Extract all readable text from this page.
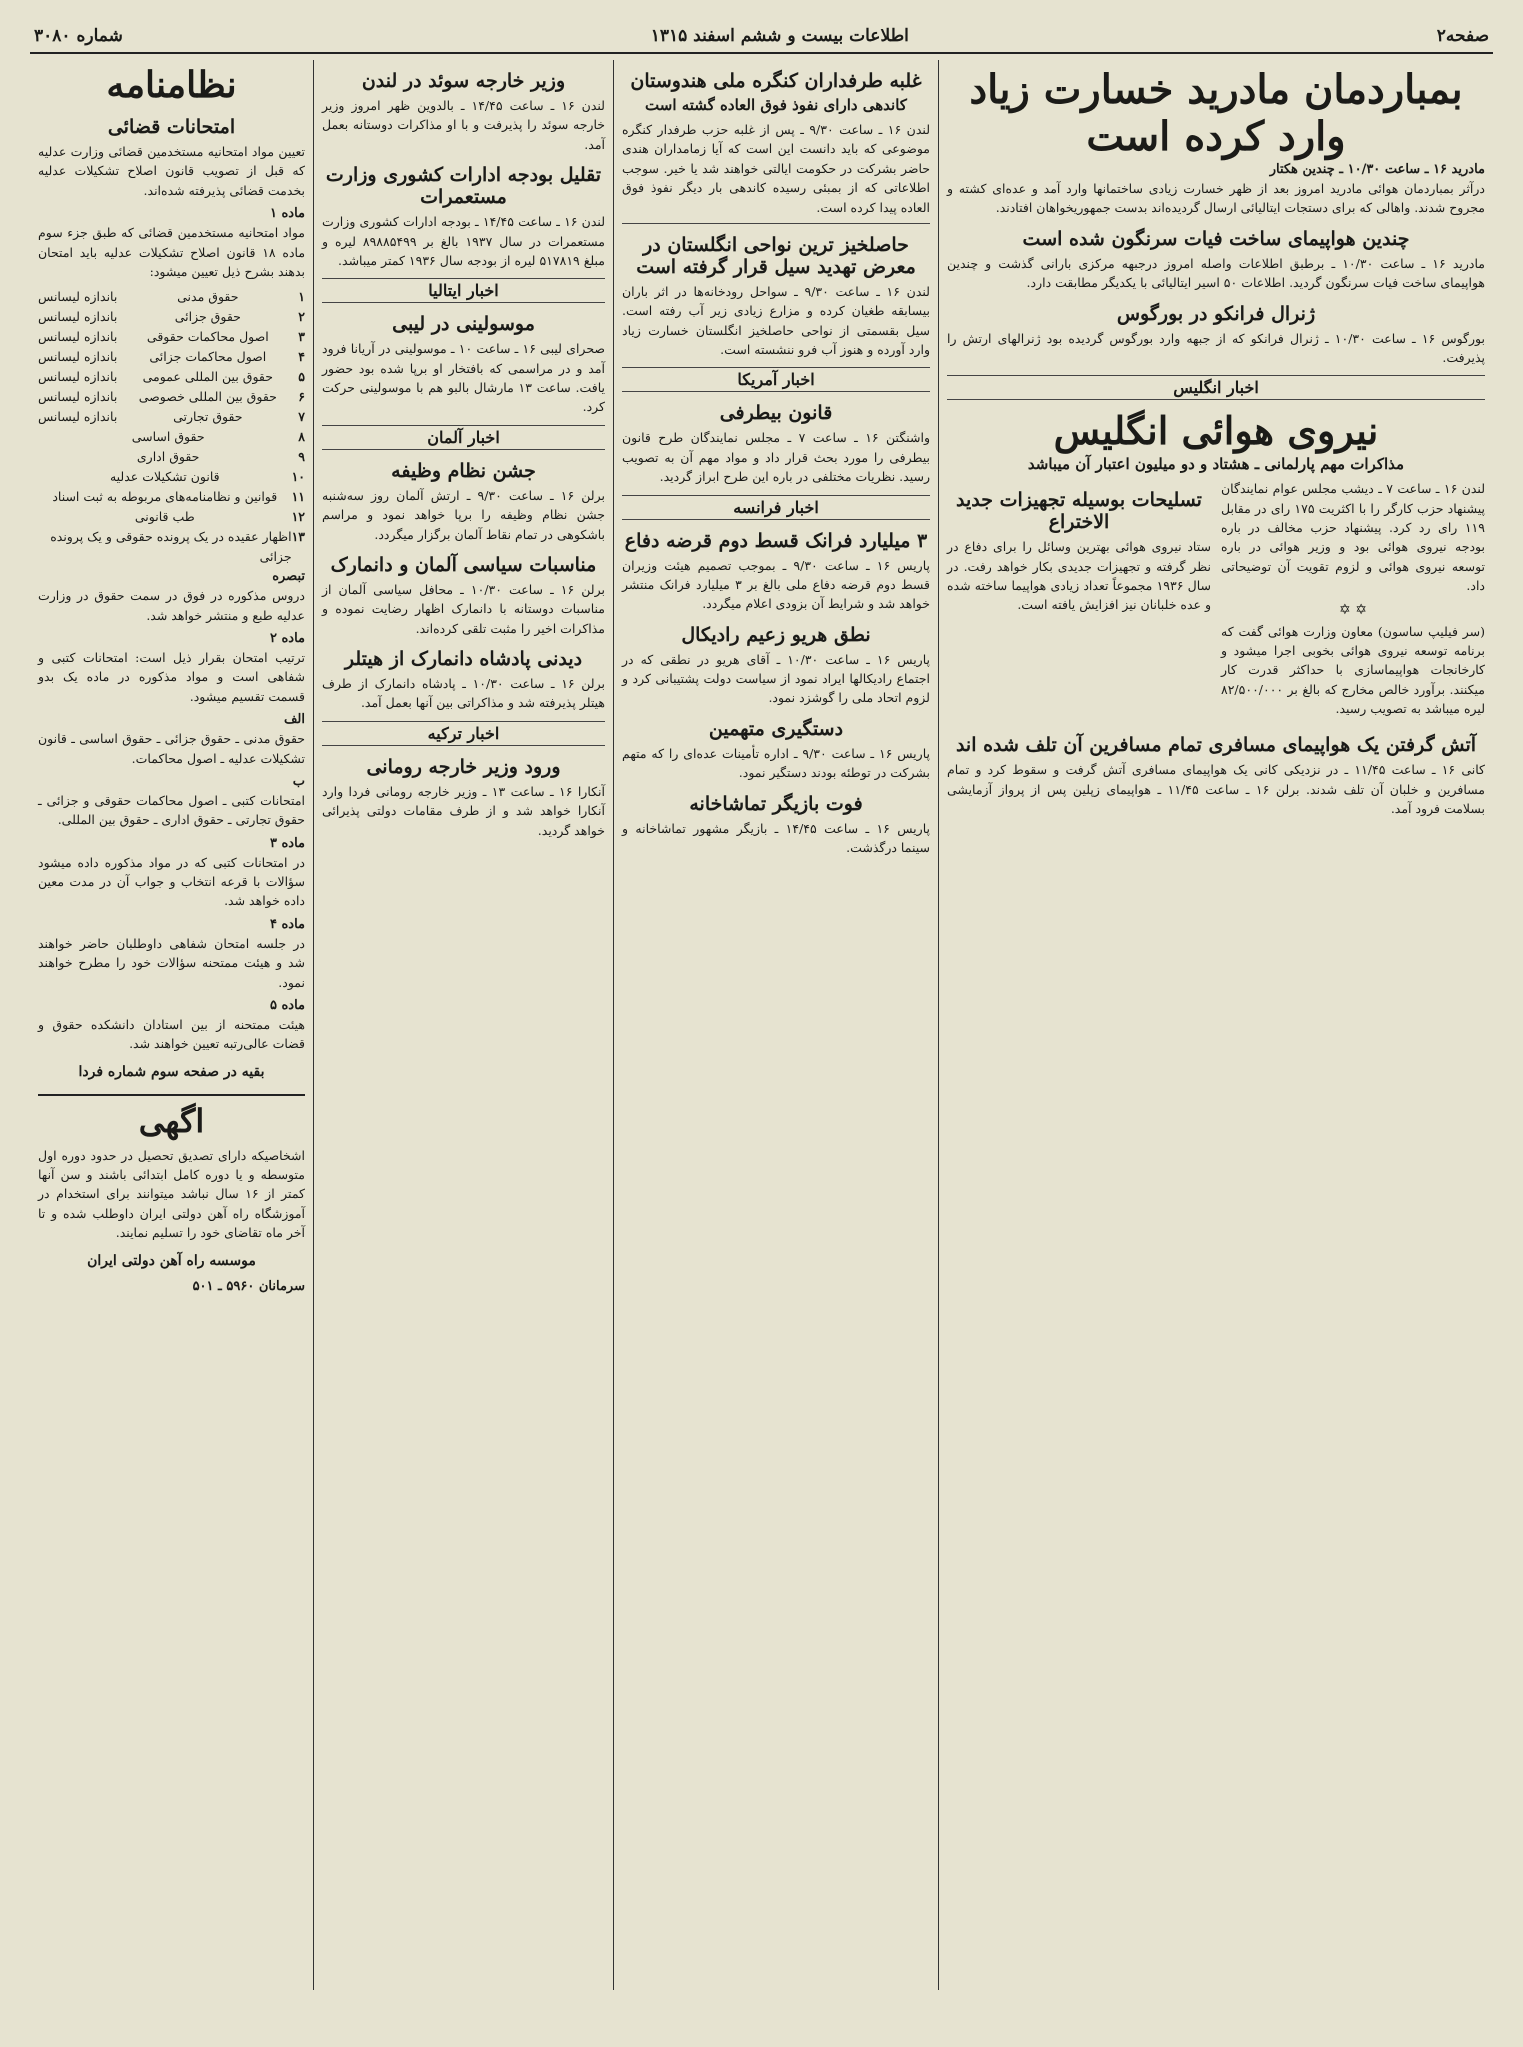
صفحه۲
اطلاعات بیست و ششم اسفند ۱۳۱۵
شماره ۳۰۸۰
بمباردمان مادرید خسارت زیاد وارد کرده است
مادرید ۱۶ ـ ساعت ۱۰/۳۰ ـ چندین هکتار
درآثر بمباردمان هوائی مادرید امروز بعد از ظهر خسارت زیادی ساختمانها وارد آمد و عده‌ای کشته و مجروح شدند. واهالی که برای دستجات ایتالیائی ارسال گردیده‌اند بدست جمهوریخواهان افتادند.
چندین هواپیمای ساخت فیات سرنگون شده است
مادرید ۱۶ ـ ساعت ۱۰/۳۰ ـ برطبق اطلاعات واصله امروز درجبهه مرکزی بارانی گذشت و چندین هواپیمای ساخت فیات سرنگون گردید. اطلاعات ۵۰ اسیر ایتالیائی با یکدیگر مطابقت دارد.
ژنرال فرانکو در بورگوس
بورگوس ۱۶ ـ ساعت ۱۰/۳۰ ـ ژنرال فرانکو که از جبهه وارد بورگوس گردیده بود ژنرالهای ارتش را پذیرفت.
اخبار انگلیس
نیروی هوائی انگلیس
مذاکرات مهم پارلمانی ـ هشتاد و دو میلیون اعتبار آن میباشد
لندن ۱۶ ـ ساعت ۷ ـ دیشب مجلس عوام نمایندگان پیشنهاد حزب کارگر را با اکثریت ۱۷۵ رای در مقابل ۱۱۹ رای رد کرد. پیشنهاد حزب مخالف در باره بودجه نیروی هوائی بود و وزیر هوائی در باره توسعه نیروی هوائی و لزوم تقویت آن توضیحاتی داد.
✡ ✡
(سر فیلیپ ساسون) معاون وزارت هوائی گفت که برنامه توسعه نیروی هوائی بخوبی اجرا میشود و کارخانجات هواپیماسازی با حداکثر قدرت کار میکنند. برآورد خالص مخارج که بالغ بر ۸۲/۵۰۰/۰۰۰ لیره میباشد به تصویب رسید.
تسلیحات بوسیله تجهیزات جدید الاختراع
ستاد نیروی هوائی بهترین وسائل را برای دفاع در نظر گرفته و تجهیزات جدیدی بکار خواهد رفت. در سال ۱۹۳۶ مجموعاً تعداد زیادی هواپیما ساخته شده و عده خلبانان نیز افزایش یافته است.
آتش گرفتن یک هواپیمای مسافری تمام مسافرین آن تلف شده اند
کانی ۱۶ ـ ساعت ۱۱/۴۵ ـ در نزدیکی کانی یک هواپیمای مسافری آتش گرفت و سقوط کرد و تمام مسافرین و خلبان آن تلف شدند. برلن ۱۶ ـ ساعت ۱۱/۴۵ ـ هواپیمای زپلین پس از پرواز آزمایشی بسلامت فرود آمد.
غلبه طرفداران کنگره ملی هندوستان
کاندهی دارای نفوذ فوق العاده گشته است
لندن ۱۶ ـ ساعت ۹/۳۰ ـ پس از غلبه حزب طرفدار کنگره موضوعی که باید دانست این است که آیا زمامداران هندی حاضر بشرکت در حکومت ایالتی خواهند شد یا خیر. سوجب اطلاعاتی که از بمبئی رسیده کاندهی بار دیگر نفوذ فوق العاده پیدا کرده است.
حاصلخیز ترین نواحی انگلستان در معرض تهدید سیل قرار گرفته است
لندن ۱۶ ـ ساعت ۹/۳۰ ـ سواحل رودخانه‌ها در اثر باران بیسابقه طغیان کرده و مزارع زیادی زیر آب رفته است. سیل بقسمتی از نواحی حاصلخیز انگلستان خسارت زیاد وارد آورده و هنوز آب فرو ننشسته است.
اخبار آمریکا
قانون بیطرفی
واشنگتن ۱۶ ـ ساعت ۷ ـ مجلس نمایندگان طرح قانون بیطرفی را مورد بحث قرار داد و مواد مهم آن به تصویب رسید. نظریات مختلفی در باره این طرح ابراز گردید.
اخبار فرانسه
۳ میلیارد فرانک قسط دوم قرضه دفاع
پاریس ۱۶ ـ ساعت ۹/۳۰ ـ بموجب تصمیم هیئت وزیران قسط دوم قرضه دفاع ملی بالغ بر ۳ میلیارد فرانک منتشر خواهد شد و شرایط آن بزودی اعلام میگردد.
نطق هریو زعیم رادیکال
پاریس ۱۶ ـ ساعت ۱۰/۳۰ ـ آقای هریو در نطقی که در اجتماع رادیکالها ایراد نمود از سیاست دولت پشتیبانی کرد و لزوم اتحاد ملی را گوشزد نمود.
دستگیری متهمین
پاریس ۱۶ ـ ساعت ۹/۳۰ ـ اداره تأمینات عده‌ای را که متهم بشرکت در توطئه بودند دستگیر نمود.
فوت بازیگر تماشاخانه
پاریس ۱۶ ـ ساعت ۱۴/۴۵ ـ بازیگر مشهور تماشاخانه و سینما درگذشت.
وزیر خارجه سوئد در لندن
لندن ۱۶ ـ ساعت ۱۴/۴۵ ـ بالدوین ظهر امروز وزیر خارجه سوئد را پذیرفت و با او مذاکرات دوستانه بعمل آمد.
تقلیل بودجه ادارات کشوری وزارت مستعمرات
لندن ۱۶ ـ ساعت ۱۴/۴۵ ـ بودجه ادارات کشوری وزارت مستعمرات در سال ۱۹۳۷ بالغ بر ۸۹۸۸۵۴۹۹ لیره و مبلغ ۵۱۷۸۱۹ لیره از بودجه سال ۱۹۳۶ کمتر میباشد.
اخبار ایتالیا
موسولینی در لیبی
صحرای لیبی ۱۶ ـ ساعت ۱۰ ـ موسولینی در آریانا فرود آمد و در مراسمی که بافتخار او برپا شده بود حضور یافت. ساعت ۱۳ مارشال بالبو هم با موسولینی حرکت کرد.
اخبار آلمان
جشن نظام وظیفه
برلن ۱۶ ـ ساعت ۹/۳۰ ـ ارتش آلمان روز سه‌شنبه جشن نظام وظیفه را برپا خواهد نمود و مراسم باشکوهی در تمام نقاط آلمان برگزار میگردد.
مناسبات سیاسی آلمان و دانمارک
برلن ۱۶ ـ ساعت ۱۰/۳۰ ـ محافل سیاسی آلمان از مناسبات دوستانه با دانمارک اظهار رضایت نموده و مذاکرات اخیر را مثبت تلقی کرده‌اند.
دیدنی پادشاه دانمارک از هیتلر
برلن ۱۶ ـ ساعت ۱۰/۳۰ ـ پادشاه دانمارک از طرف هیتلر پذیرفته شد و مذاکراتی بین آنها بعمل آمد.
اخبار ترکیه
ورود وزیر خارجه رومانی
آنکارا ۱۶ ـ ساعت ۱۳ ـ وزیر خارجه رومانی فردا وارد آنکارا خواهد شد و از طرف مقامات دولتی پذیرائی خواهد گردید.
نظامنامه
امتحانات قضائی
تعیین مواد امتحانیه مستخدمین قضائی وزارت عدلیه که قبل از تصویب قانون اصلاح تشکیلات عدلیه بخدمت قضائی پذیرفته شده‌اند.
ماده ۱
مواد امتحانیه مستخدمین قضائی که طبق جزء سوم ماده ۱۸ قانون اصلاح تشکیلات عدلیه باید امتحان بدهند بشرح ذیل تعیین میشود:
۱
حقوق مدنی
باندازه لیسانس
۲
حقوق جزائی
باندازه لیسانس
۳
اصول محاکمات حقوقی
باندازه لیسانس
۴
اصول محاکمات جزائی
باندازه لیسانس
۵
حقوق بین المللی عمومی
باندازه لیسانس
۶
حقوق بین المللی خصوصی
باندازه لیسانس
۷
حقوق تجارتی
باندازه لیسانس
۸
حقوق اساسی
۹
حقوق اداری
۱۰
قانون تشکیلات عدلیه
۱۱
قوانین و نظامنامه‌های مربوطه به ثبت اسناد
۱۲
طب قانونی
۱۳
اظهار عقیده در یک پرونده حقوقی و یک پرونده جزائی
تبصره
دروس مذکوره در فوق در سمت حقوق در وزارت عدلیه طبع و منتشر خواهد شد.
ماده ۲
ترتیب امتحان بقرار ذیل است: امتحانات کتبی و شفاهی است و مواد مذکوره در ماده یک بدو قسمت تقسیم میشود.
الف
حقوق مدنی ـ حقوق جزائی ـ حقوق اساسی ـ قانون تشکیلات عدلیه ـ اصول محاکمات.
ب
امتحانات کتبی ـ اصول محاکمات حقوقی و جزائی ـ حقوق تجارتی ـ حقوق اداری ـ حقوق بین المللی.
ماده ۳
در امتحانات کتبی که در مواد مذکوره داده میشود سؤالات با قرعه انتخاب و جواب آن در مدت معین داده خواهد شد.
ماده ۴
در جلسه امتحان شفاهی داوطلبان حاضر خواهند شد و هیئت ممتحنه سؤالات خود را مطرح خواهند نمود.
ماده ۵
هیئت ممتحنه از بین استادان دانشکده حقوق و قضات عالی‌رتبه تعیین خواهند شد.
بقیه در صفحه سوم شماره فردا
اگهی
اشخاصیکه دارای تصدیق تحصیل در حدود دوره اول متوسطه و یا دوره کامل ابتدائی باشند و سن آنها کمتر از ۱۶ سال نباشد میتوانند برای استخدام در آموزشگاه راه آهن دولتی ایران داوطلب شده و تا آخر ماه تقاضای خود را تسلیم نمایند.
موسسه راه آهن دولتی ایران
سرمانان ۵۹۶۰ ـ ۵۰۱
